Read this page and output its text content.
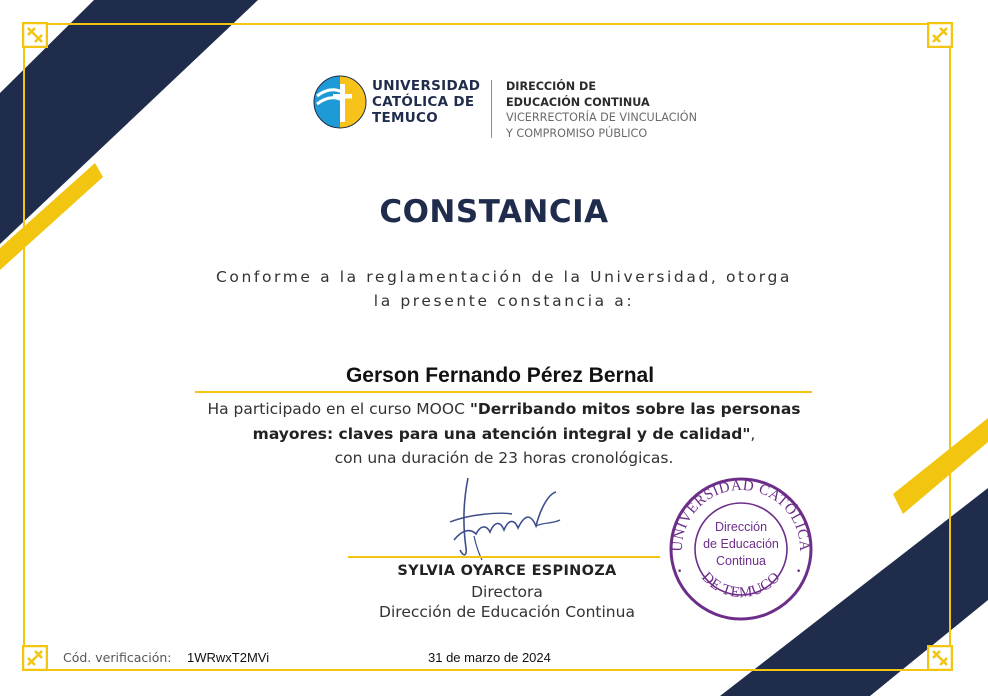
UNIVERSIDAD
CATÓLICA DE
TEMUCO
DIRECCIÓN DE
EDUCACIÓN CONTINUA
VICERRECTORÍA DE VINCULACIÓN
Y COMPROMISO PÚBLICO
CONSTANCIA
Conforme a la reglamentación de la Universidad, otorga
la presente constancia a:
Gerson Fernando Pérez Bernal
Ha participado en el curso MOOC "Derribando mitos sobre las personas mayores: claves para una atención integral y de calidad",
con una duración de 23 horas cronológicas.
SYLVIA OYARCE ESPINOZA
Directora
Dirección de Educación Continua
UNIVERSIDAD CATÓLICA
DE TEMUCO
•	•
Dirección
de Educación
Continua
Cód. verificación: 1WRwxT2MVi	31 de marzo de 2024
